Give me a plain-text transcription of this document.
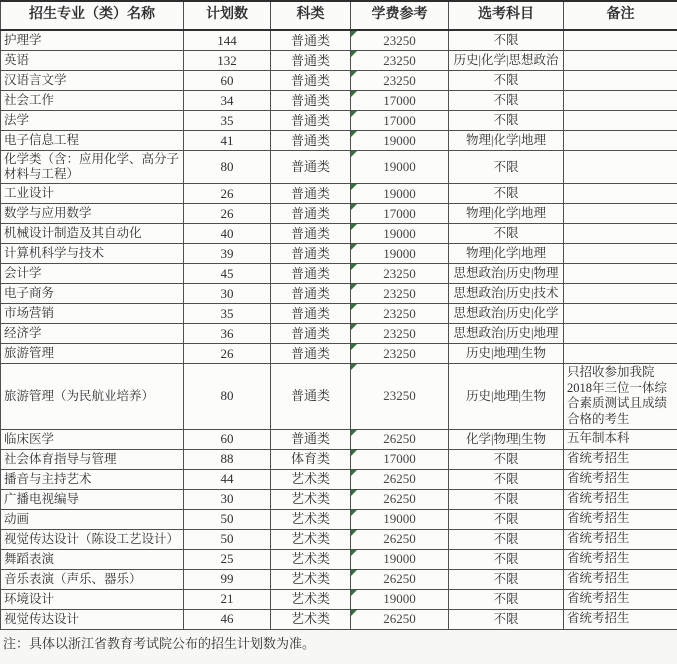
招生专业（类）名称	计划数	科类	学费参考	选考科目	备注
护理学	144	普通类	23250	不限	
英语	132	普通类	23250	历史|化学|思想政治	
汉语言文学	60	普通类	23250	不限	
社会工作	34	普通类	17000	不限	
法学	35	普通类	17000	不限	
电子信息工程	41	普通类	19000	物理|化学|地理	
化学类（含：应用化学、高分子材料与工程）	80	普通类	19000	不限	
工业设计	26	普通类	19000	不限	
数学与应用数学	26	普通类	17000	物理|化学|地理	
机械设计制造及其自动化	40	普通类	19000	不限	
计算机科学与技术	39	普通类	19000	物理|化学|地理	
会计学	45	普通类	23250	思想政治|历史|物理	
电子商务	30	普通类	23250	思想政治|历史|技术	
市场营销	35	普通类	23250	思想政治|历史|化学	
经济学	36	普通类	23250	思想政治|历史|地理	
旅游管理	26	普通类	23250	历史|地理|生物	
旅游管理（为民航业培养）	80	普通类	23250	历史|地理|生物	只招收参加我院2018年三位一体综合素质测试且成绩合格的考生
临床医学	60	普通类	26250	化学|物理|生物	五年制本科
社会体育指导与管理	88	体育类	17000	不限	省统考招生
播音与主持艺术	44	艺术类	26250	不限	省统考招生
广播电视编导	30	艺术类	26250	不限	省统考招生
动画	50	艺术类	19000	不限	省统考招生
视觉传达设计（陈设工艺设计）	50	艺术类	26250	不限	省统考招生
舞蹈表演	25	艺术类	19000	不限	省统考招生
音乐表演（声乐、器乐）	99	艺术类	26250	不限	省统考招生
环境设计	21	艺术类	19000	不限	省统考招生
视觉传达设计	46	艺术类	26250	不限	省统考招生
注：具体以浙江省教育考试院公布的招生计划数为准。
